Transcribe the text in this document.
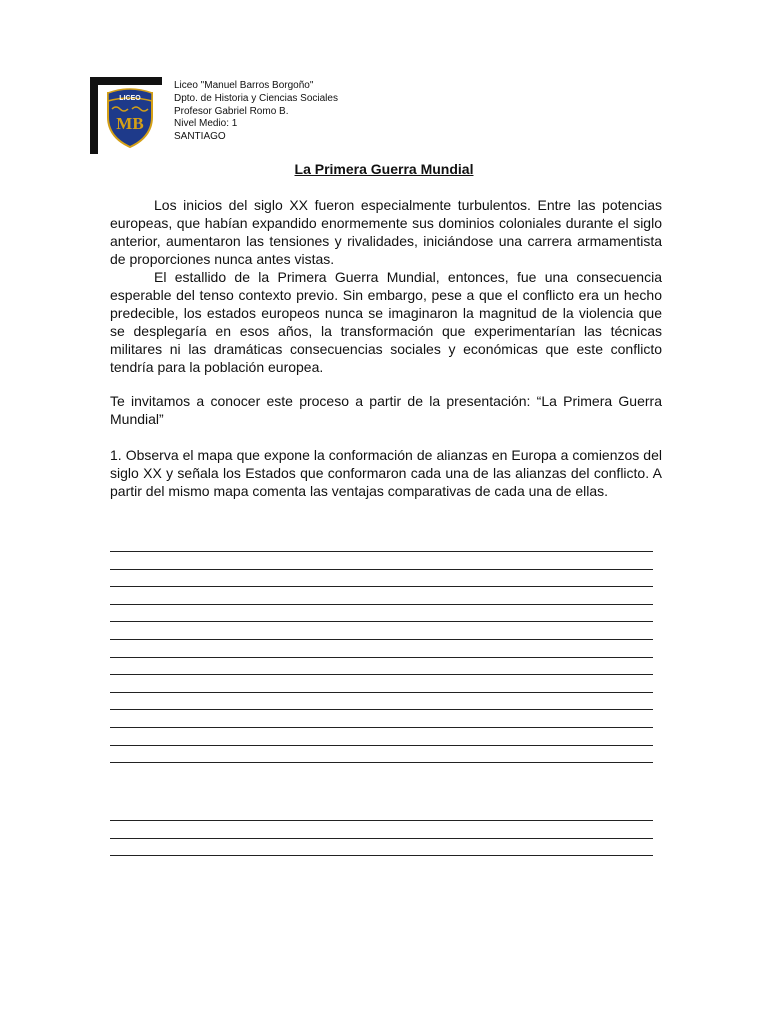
LICEO
MB
Liceo "Manuel Barros Borgoño"
Dpto. de Historia y Ciencias Sociales
Profesor Gabriel Romo B.
Nivel Medio: 1
SANTIAGO
La Primera Guerra Mundial

Los inicios del siglo XX fueron especialmente turbulentos. Entre las potencias europeas, que habían expandido enormemente sus dominios coloniales durante el siglo anterior, aumentaron las tensiones y rivalidades, iniciándose una carrera armamentista de proporciones nunca antes vistas.

El estallido de la Primera Guerra Mundial, entonces, fue una consecuencia esperable del tenso contexto previo. Sin embargo, pese a que el conflicto era un hecho predecible, los estados europeos nunca se imaginaron la magnitud de la violencia que se desplegaría en esos años, la transformación que experimentarían las técnicas militares ni las dramáticas consecuencias sociales y económicas que este conflicto tendría para la población europea.

Te invitamos a conocer este proceso a partir de la presentación: “La Primera Guerra Mundial”

1. Observa el mapa que expone la conformación de alianzas en Europa a comienzos del siglo XX y señala los Estados que conformaron cada una de las alianzas del conflicto. A partir del mismo mapa comenta las ventajas comparativas de cada una de ellas.
